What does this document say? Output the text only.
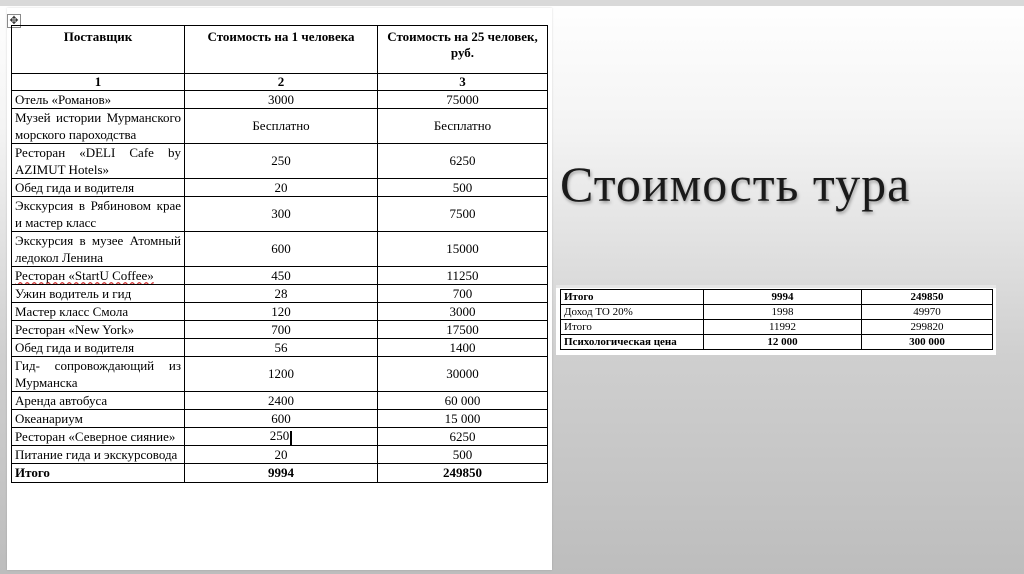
✥
Поставщик	Стоимость на 1 человека	Стоимость на 25 человек, руб.
1	2	3
Отель «Романов»	3000	75000
Музей истории Мурманского морского пароходства	Бесплатно	Бесплатно
Ресторан «DELI Cafe by AZIMUT Hotels»	250	6250
Обед гида и водителя	20	500
Экскурсия в Рябиновом крае и мастер класс	300	7500
Экскурсия в музее Атомный ледокол Ленина	600	15000
Ресторан «StartU Coffee»	450	11250
Ужин водитель и гид	28	700
Мастер класс Смола	120	3000
Ресторан «New York»	700	17500
Обед гида и водителя	56	1400
Гид- сопровождающий из Мурманска	1200	30000
Аренда автобуса	2400	60 000
Океанариум	600	15 000
Ресторан «Северное сияние»	250	6250
Питание гида и экскурсовода	20	500
Итого	9994	249850
Стоимость тура
Итого	9994	249850
Доход ТО 20%	1998	49970
Итого	11992	299820
Психологическая цена	12 000	300 000
